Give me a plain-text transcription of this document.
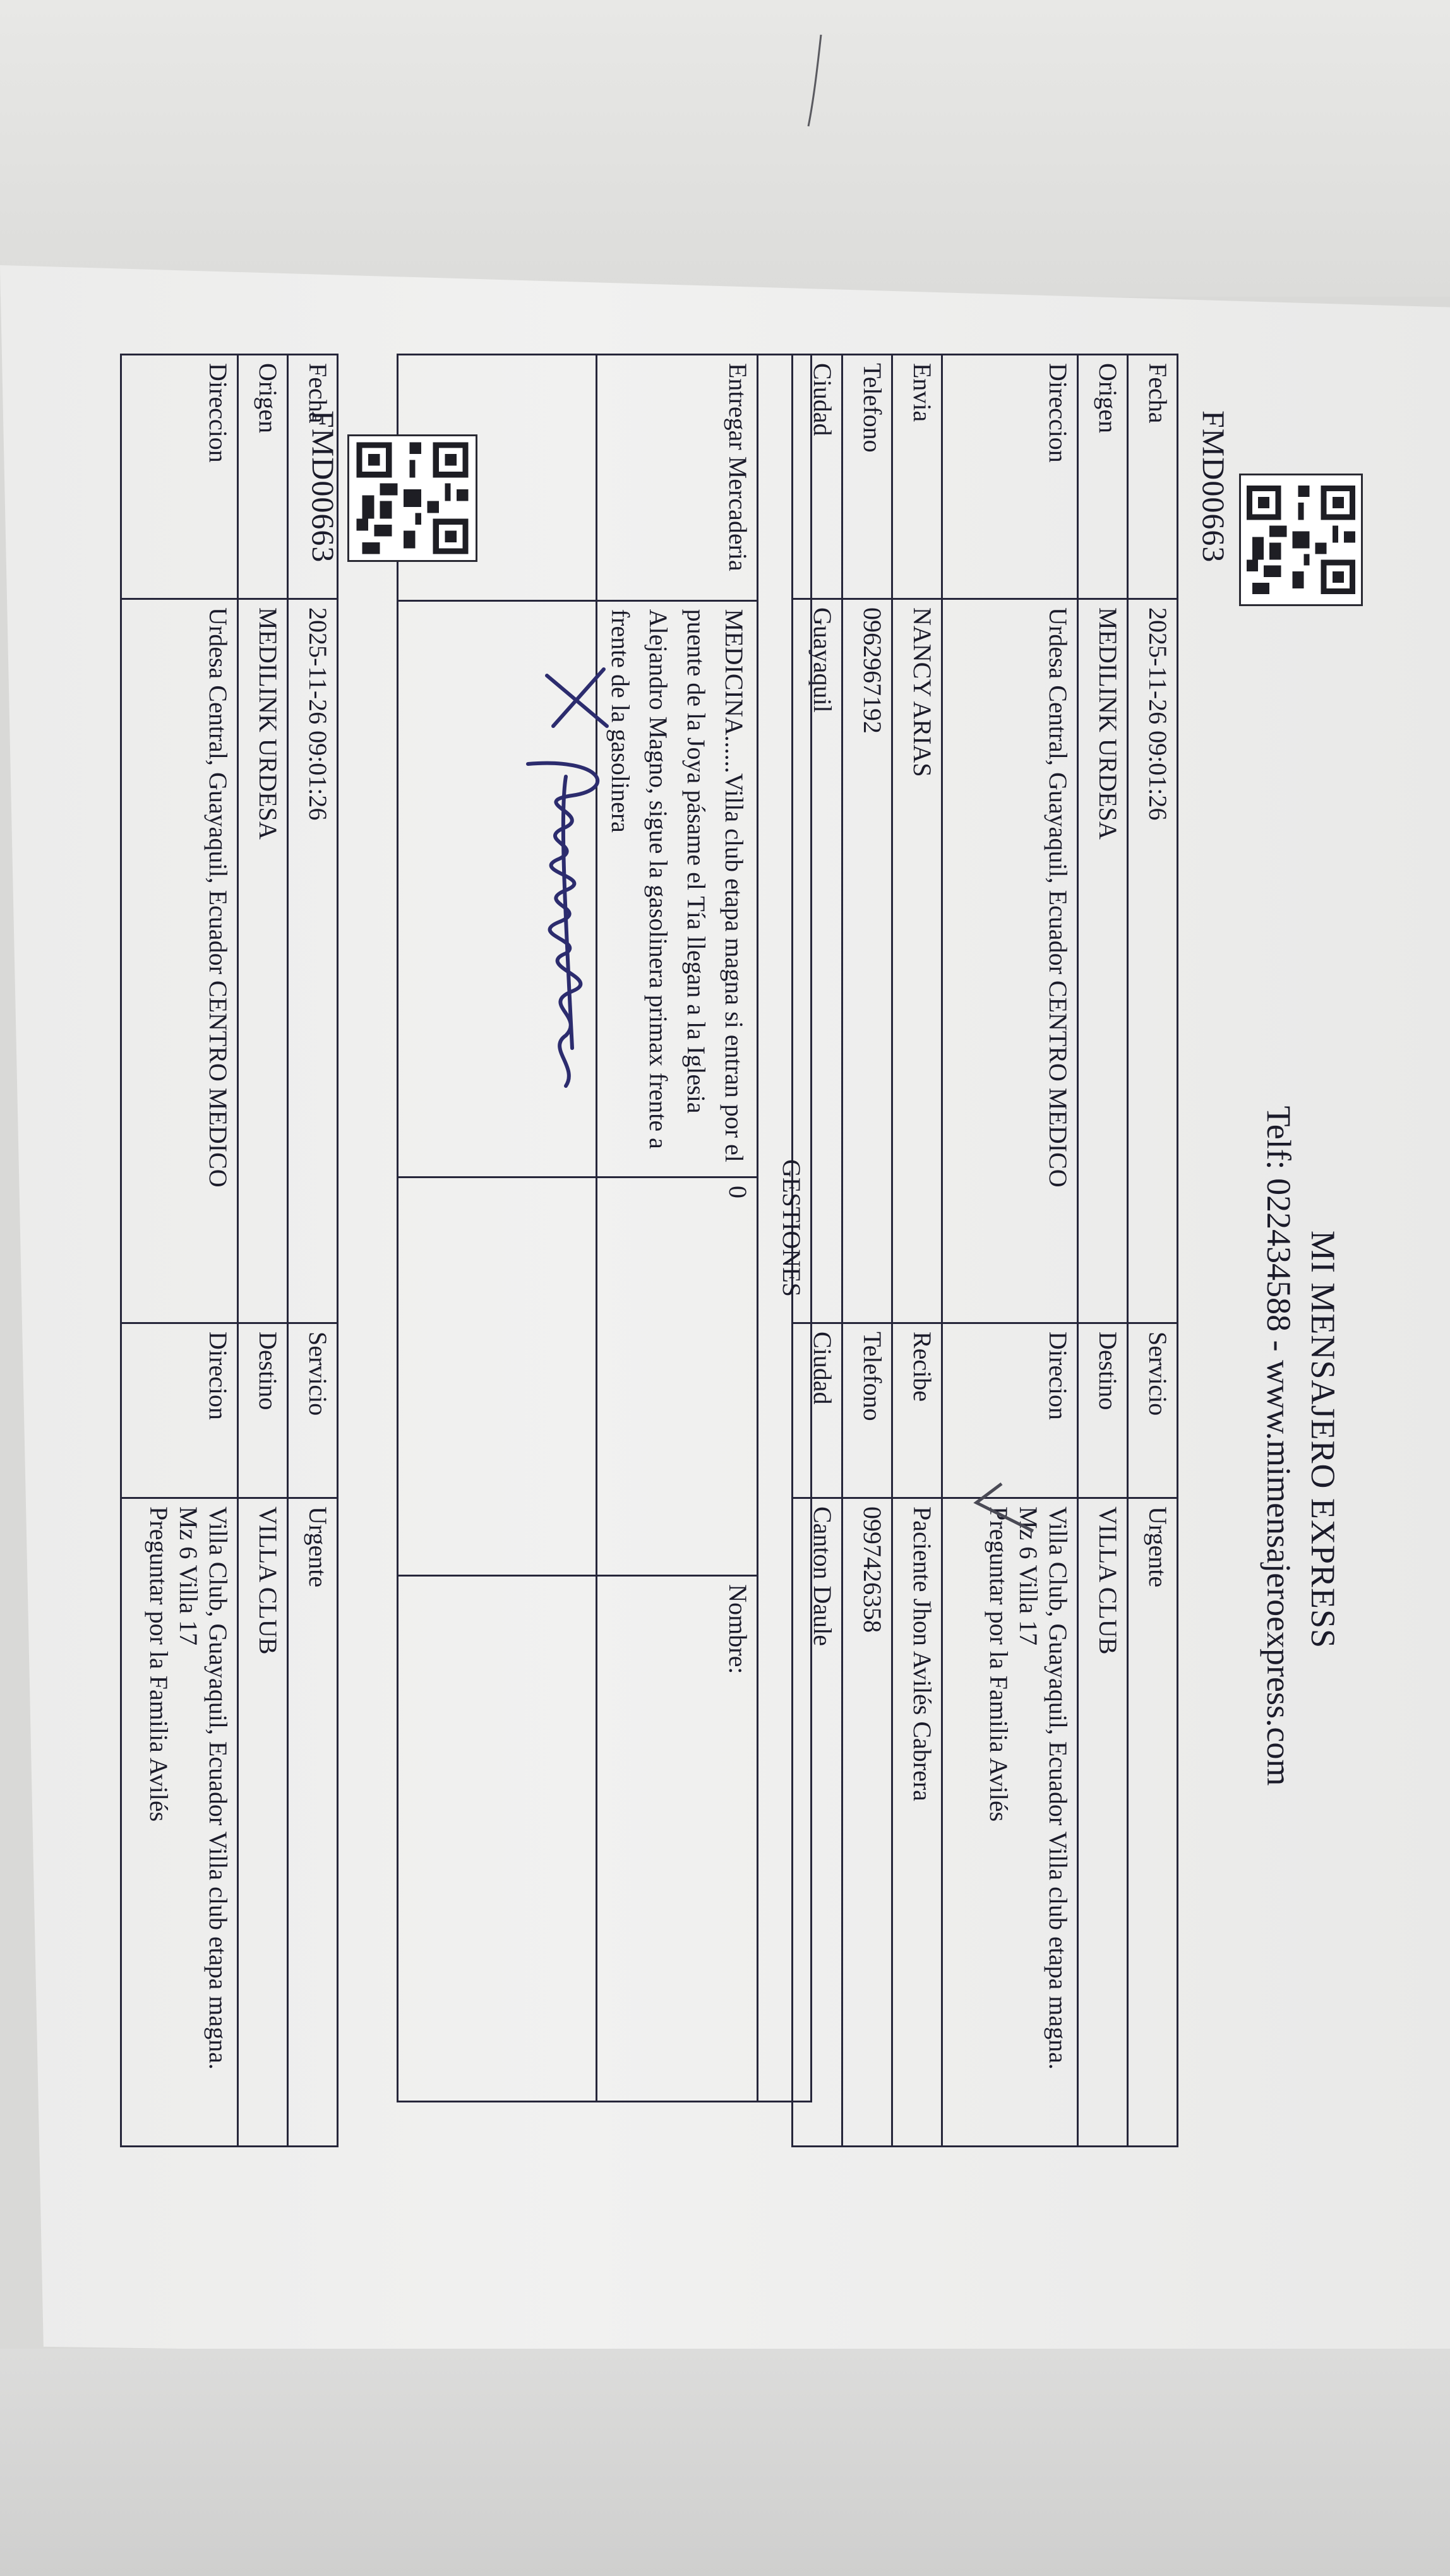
FMD00663
MI MENSAJERO EXPRESS
Telf: 022434588 - www.mimensajeroexpress.com
Fecha	2025-11-26 09:01:26	Servicio	Urgente
Origen	MEDILINK URDESA	Destino	VILLA CLUB
Direccion	Urdesa Central, Guayaquil, Ecuador CENTRO MEDICO	Direcion	Villa Club, Guayaquil, Ecuador Villa club etapa magna.
Mz 6 Villa 17
Preguntar por la Familia Avilés

Envia	NANCY ARIAS	Recibe	Paciente Jhon Avilés Cabrera
Telefono	0962967192	Telefono	0997426358
Ciudad	Guayaquil	Ciudad	Canton Daule
GESTIONES			
Entregar Mercaderia	MEDICINA......Villa club etapa magna si entran por el puente de la Joya pásame el Tía llegan a la Iglesia Alejandro Magno, sigue la gasolinera primax frente a frente de la gasolinera	0	Nombre:

FMD00663
Fecha	2025-11-26 09:01:26	Servicio	Urgente
Origen	MEDILINK URDESA	Destino	VILLA CLUB
Direccion	Urdesa Central, Guayaquil, Ecuador CENTRO MEDICO	Direcion	Villa Club, Guayaquil, Ecuador Villa club etapa magna.
Mz 6 Villa 17
Preguntar por la Familia Avilés
